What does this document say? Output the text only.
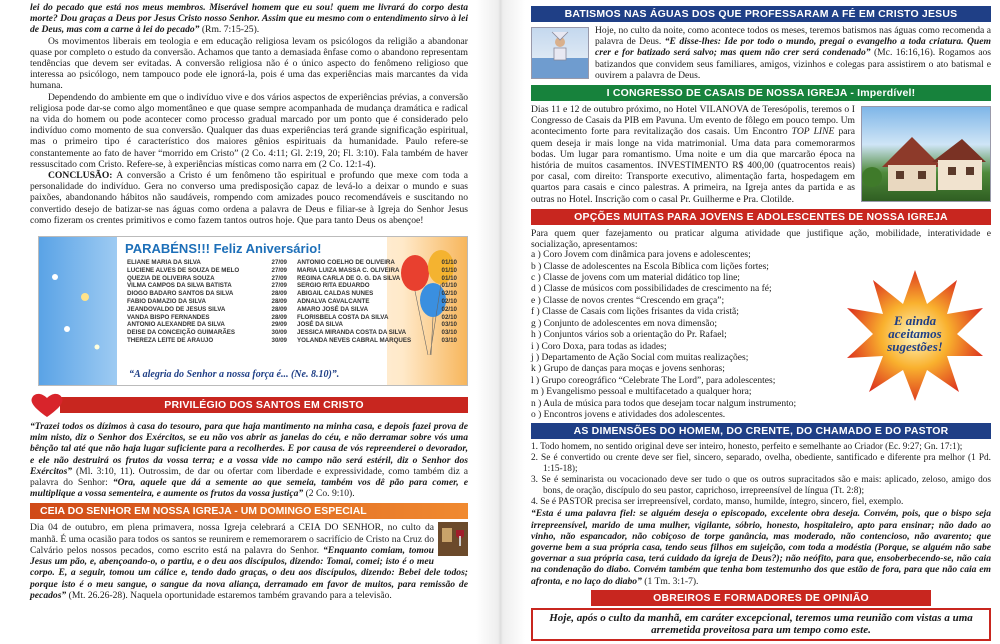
lei do pecado que está nos meus membros. Miserável homem que eu sou! quem me livrará do corpo desta morte? Dou graças a Deus por Jesus Cristo nosso Senhor. Assim que eu mesmo com o entendimento sirvo à lei de Deus, mas com a carne à lei do pecado” (Rm. 7:15-25).

Os movimentos liberais em teologia e em educação religiosa levam os psicólogos da religião a abandonar quase por completo o estudo da conversão. Achamos que tanto a demasiada ênfase como o abandono representam tendências que devem ser evitadas. A conversão religiosa não é o único aspecto do fenômeno religioso que interessa ao psicólogo, nem tampouco pode ele ignorá-la, pois é uma das experiências mais marcantes da vida humana.

Dependendo do ambiente em que o indivíduo vive e dos vários aspectos de experiências prévias, a conversão religiosa pode dar-se como algo momentâneo e que quase sempre acompanhada de mudança dramática e radical na vida do homem ou pode acontecer como processo gradual marcado por um ponto que é considerado pelo indivíduo como momento de sua conversão. Qualquer das duas experiências terá grande significação espiritual, mas o primeiro tipo é característico dos maiores gênios espirituais da humanidade. Paulo refere-se constantemente ao fato de haver “morrido em Cristo” (2 Co. 4:11; Gl. 2:19, 20; Fl. 3:10). Fala também de haver ressuscitado com Cristo. Refere-se, à experiências místicas como narra em (2 Co. 12:1-4).

CONCLUSÃO: A conversão a Cristo é um fenômeno tão espiritual e profundo que mexe com toda a personalidade do indivíduo. Gera no converso uma predisposição capaz de levá-lo a deixar o mundo e suas paixões, abandonando hábitos não saudáveis, rompendo com amizades pouco recomendáveis e suscitando no convertido desejo de batizar-se nas águas como ordena a palavra de Deus e filiar-se à Igreja do Senhor Jesus como fizeram os crentes primitivos e como fazem tantos outros hoje. Que para tanto Deus os abençoe!

PARABÉNS!!! Feliz Aniversário!
ELIANE MARIA DA SILVA	27/09
LUCIENE ALVES DE SOUZA DE MELO	27/09
QUEZIA DE OLIVEIRA SOUZA	27/09
VILMA CAMPOS DA SILVA BATISTA	27/09
DIOGO BADARO SANTOS DA SILVA	28/09
FABIO DAMAZIO DA SILVA	28/09
JEANDOVALDO DE JESUS SILVA	28/09
VANDA BISPO FERNANDES	28/09
ANTONIO ALEXANDRE DA SILVA	29/09
DEISE DA CONCEIÇÃO GUIMARÃES	30/09
THEREZA LEITE DE ARAUJO	30/09
ANTONIO COELHO DE OLIVEIRA	01/10
MARIA LUIZA MASSA C. OLIVEIRA	01/10
REGINA CARLA DE O. G. DA SILVA	01/10
SERGIO RITA EDUARDO	01/10
ABIGAIL CALDAS NUNES	02/10
ADNALVA CAVALCANTE	02/10
AMARO JOSÉ DA SILVA	02/10
FLORISBELA COSTA DA SILVA	02/10
JOSÉ DA SILVA	03/10
JESSICA MIRANDA COSTA DA SILVA	03/10
YOLANDA NEVES CABRAL MARQUES	03/10
“A alegria do Senhor a nossa força é... (Ne. 8.10)”.
PRIVILÉGIO DOS SANTOS EM CRISTO

“Trazei todos os dízimos à casa do tesouro, para que haja mantimento na minha casa, e depois fazei prova de mim nisto, diz o Senhor dos Exércitos, se eu não vos abrir as janelas do céu, e não derramar sobre vós uma bênção tal até que não haja lugar suficiente para a recolherdes. E por causa de vós repreenderei o devorador, e ele não destruirá os frutos da vossa terra; e a vossa vide no campo não será estéril, diz o Senhor dos Exércitos” (Ml. 3:10, 11). Outrossim, de dar ou ofertar com liberdade e expressividade, como também diz a palavra do Senhor: “Ora, aquele que dá a semente ao que semeia, também vos dê pão para comer, e multiplique a vossa sementeira, e aumente os frutos da vossa justiça” (2 Co. 9:10).

CEIA DO SENHOR EM NOSSA IGREJA - UM DOMINGO ESPECIAL

Dia 04 de outubro, em plena primavera, nossa Igreja celebrará a CEIA DO SENHOR, no culto da manhã. É uma ocasião para todos os santos se reunirem e rememorarem o sacrifício de Cristo na Cruz do Calvário pelos nossos pecados, como escrito está na palavra do Senhor. “Enquanto comiam, tomou Jesus um pão, e, abençoando-o, o partiu, e o deu aos discípulos, dizendo: Tomai, comei; isto é o meu corpo. E, a seguir, tomou um cálice e, tendo dado graças, o deu aos discípulos, dizendo: Bebei dele todos; porque isto é o meu sangue, o sangue da nova aliança, derramado em favor de muitos, para remissão de pecados” (Mt. 26.26-28). Naquela oportunidade estaremos também gravando para a televisão.

BATISMOS NAS ÁGUAS DOS QUE PROFESSARAM A FÉ EM CRISTO JESUS

Hoje, no culto da noite, como acontece todos os meses, teremos batismos nas águas como recomenda a palavra de Deus. “E disse-lhes: Ide por todo o mundo, pregai o evangelho a toda criatura. Quem crer e for batizado será salvo; mas quem não crer será condenado” (Mc. 16:16,16). Rogamos aos batizandos que convidem seus familiares, amigos, vizinhos e colegas para assistirem o ato batismal e ouvirem a palavra de Deus.

I CONGRESSO DE CASAIS DE NOSSA IGREJA - Imperdível!

Dias 11 e 12 de outubro próximo, no Hotel VILANOVA de Teresópolis, teremos o I Congresso de Casais da PIB em Pavuna. Um evento de fôlego em pouco tempo. Um acontecimento forte para revitalização dos casais. Um Encontro TOP LINE para quem deseja ir mais longe na vida matrimonial. Uma data para comemorarmos bodas. Um lugar para romantismo. Uma noite e um dia que marcarão época na história de muitos casamentos. INVESTIMENTO R$ 400,00 (quatrocentos reais) por casal, com direito: Transporte executivo, alimentação farta, hospedagem em quartos para casais e cinco palestras. A primeira, na Igreja antes da partida e as outras no Hotel. Inscrição com o casal Pr. Guilherme e Pra. Clotilde.

OPÇÕES MUITAS PARA JOVENS E ADOLESCENTES DE NOSSA IGREJA

Para quem quer fazejamento ou praticar alguma atividade que justifique ação, mobilidade, interatividade e socialização, apresentamos:

a ) Coro Jovem com dinâmica para jovens e adolescentes;
b ) Classe de adolescentes na Escola Bíblica com lições fortes;
c ) Classe de jovens com um material didático top line;
d ) Classe de músicos com possibilidades de crescimento na fé;
e ) Classe de novos crentes “Crescendo em graça”;
f ) Classe de Casais com lições frisantes da vida cristã;
g ) Conjunto de adolescentes em nova dimensão;
h ) Conjuntos vários sob a orientação do Pr. Rafael;
i ) Coro Doxa, para todas as idades;
j ) Departamento de Ação Social com muitas realizações;
k ) Grupo de danças para moças e jovens senhoras;
l ) Grupo coreográfico “Celebrate The Lord”, para adolescentes;
m ) Evangelismo pessoal e multifacetado a qualquer hora;
n ) Aula de música para todos que desejam tocar nalgum instrumento;
o ) Encontros jovens e atividades dos adolescentes.
E ainda aceitamos sugestões!
AS DIMENSÕES DO HOMEM, DO CRENTE, DO CHAMADO E DO PASTOR
1. Todo homem, no sentido original deve ser inteiro, honesto, perfeito e semelhante ao Criador (Ec. 9:27; Gn. 17:1);
2. Se é convertido ou crente deve ser fiel, sincero, separado, ovelha, obediente, santificado e diferente pra melhor (1 Pd. 1:15-18);
3. Se é seminarista ou vocacionado deve ser tudo o que os outros supracitados são e mais: aplicado, zeloso, amigo dos bons, de oração, discípulo do seu pastor, caprichoso, irrepreensível de língua (Tt. 2:8);
4. Se é PASTOR precisa ser irrepreensível, cordato, manso, humilde, íntegro, sincero, fiel, exemplo.

“Esta é uma palavra fiel: se alguém deseja o episcopado, excelente obra deseja. Convém, pois, que o bispo seja irrepreensível, marido de uma mulher, vigilante, sóbrio, honesto, hospitaleiro, apto para ensinar; não dado ao vinho, não espancador, não cobiçoso de torpe ganância, mas moderado, não contencioso, não avarento; que governe bem a sua própria casa, tendo seus filhos em sujeição, com toda a modéstia (Porque, se alguém não sabe governar a sua própria casa, terá cuidado da igreja de Deus?); não neófito, para que, ensoberbecendo-se, não caia na condenação do diabo. Convém também que tenha bom testemunho dos que estão de fora, para que não caia em afronta, e no laço do diabo” (1 Tm. 3:1-7).

OBREIROS E FORMADORES DE OPINIÃO

Hoje, após o culto da manhã, em caráter excepcional, teremos uma reunião com vistas a uma arremetida proveitosa para um tempo como este.
